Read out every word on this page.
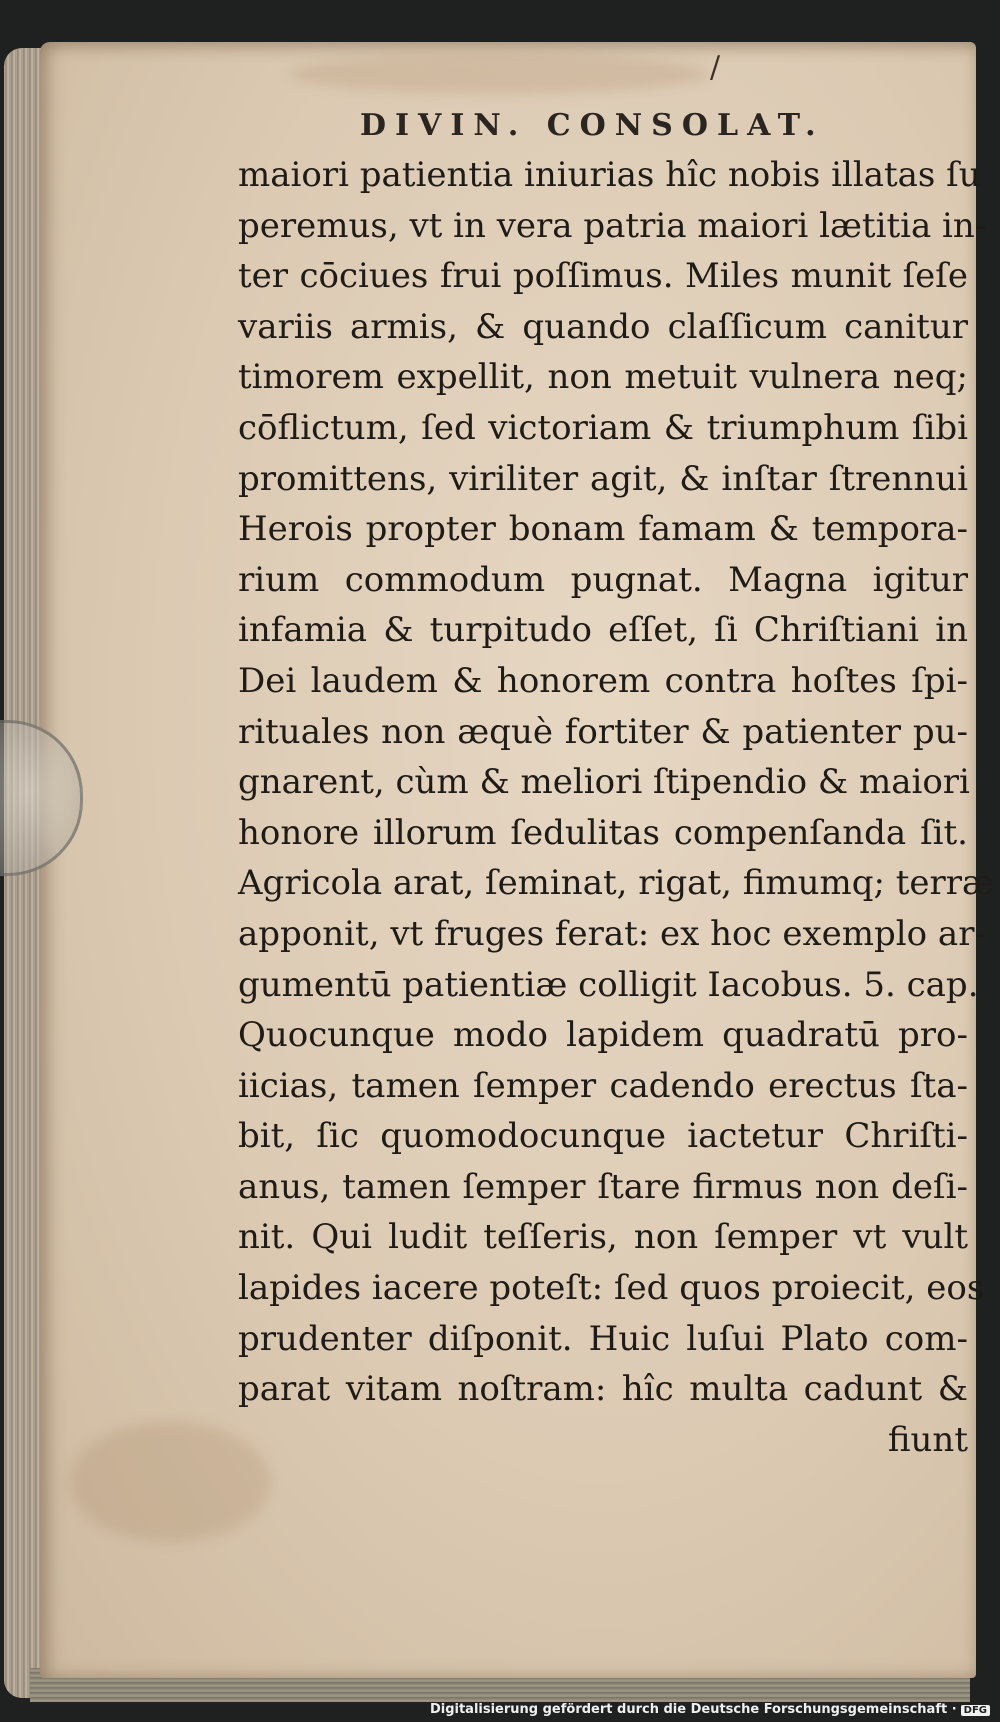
/
DIVIN. CONSOLAT.
maiori patientia iniurias hîc nobis illatas ſu
peremus, vt in vera patria maiori lætitia in-
ter cōciues frui poſſimus. Miles munit ſeſe
variis armis, & quando claſſicum canitur
timorem expellit, non metuit vulnera neq;
cōflictum, ſed victoriam & triumphum ſibi
promittens, viriliter agit, & inſtar ſtrennui
Herois propter bonam famam & tempora-
rium commodum pugnat. Magna igitur
infamia & turpitudo eſſet, ſi Chriſtiani in
Dei laudem & honorem contra hoſtes ſpi-
rituales non æquè fortiter & patienter pu-
gnarent, cùm & meliori ſtipendio & maiori
honore illorum ſedulitas compenſanda ſit.
Agricola arat, ſeminat, rigat, fimumq; terræ
apponit, vt fruges ferat: ex hoc exemplo ar-
gumentū patientiæ colligit Iacobus. 5. cap.
Quocunque modo lapidem quadratū pro-
iicias, tamen ſemper cadendo erectus ſta-
bit, ſic quomodocunque iactetur Chriſti-
anus, tamen ſemper ſtare firmus non deſi-
nit. Qui ludit teſſeris, non ſemper vt vult
lapides iacere poteſt: ſed quos proiecit, eos
prudenter diſponit. Huic luſui Plato com-
parat vitam noſtram: hîc multa cadunt &
fiunt
Digitalisierung gefördert durch die Deutsche Forschungsgemeinschaft · DFG
